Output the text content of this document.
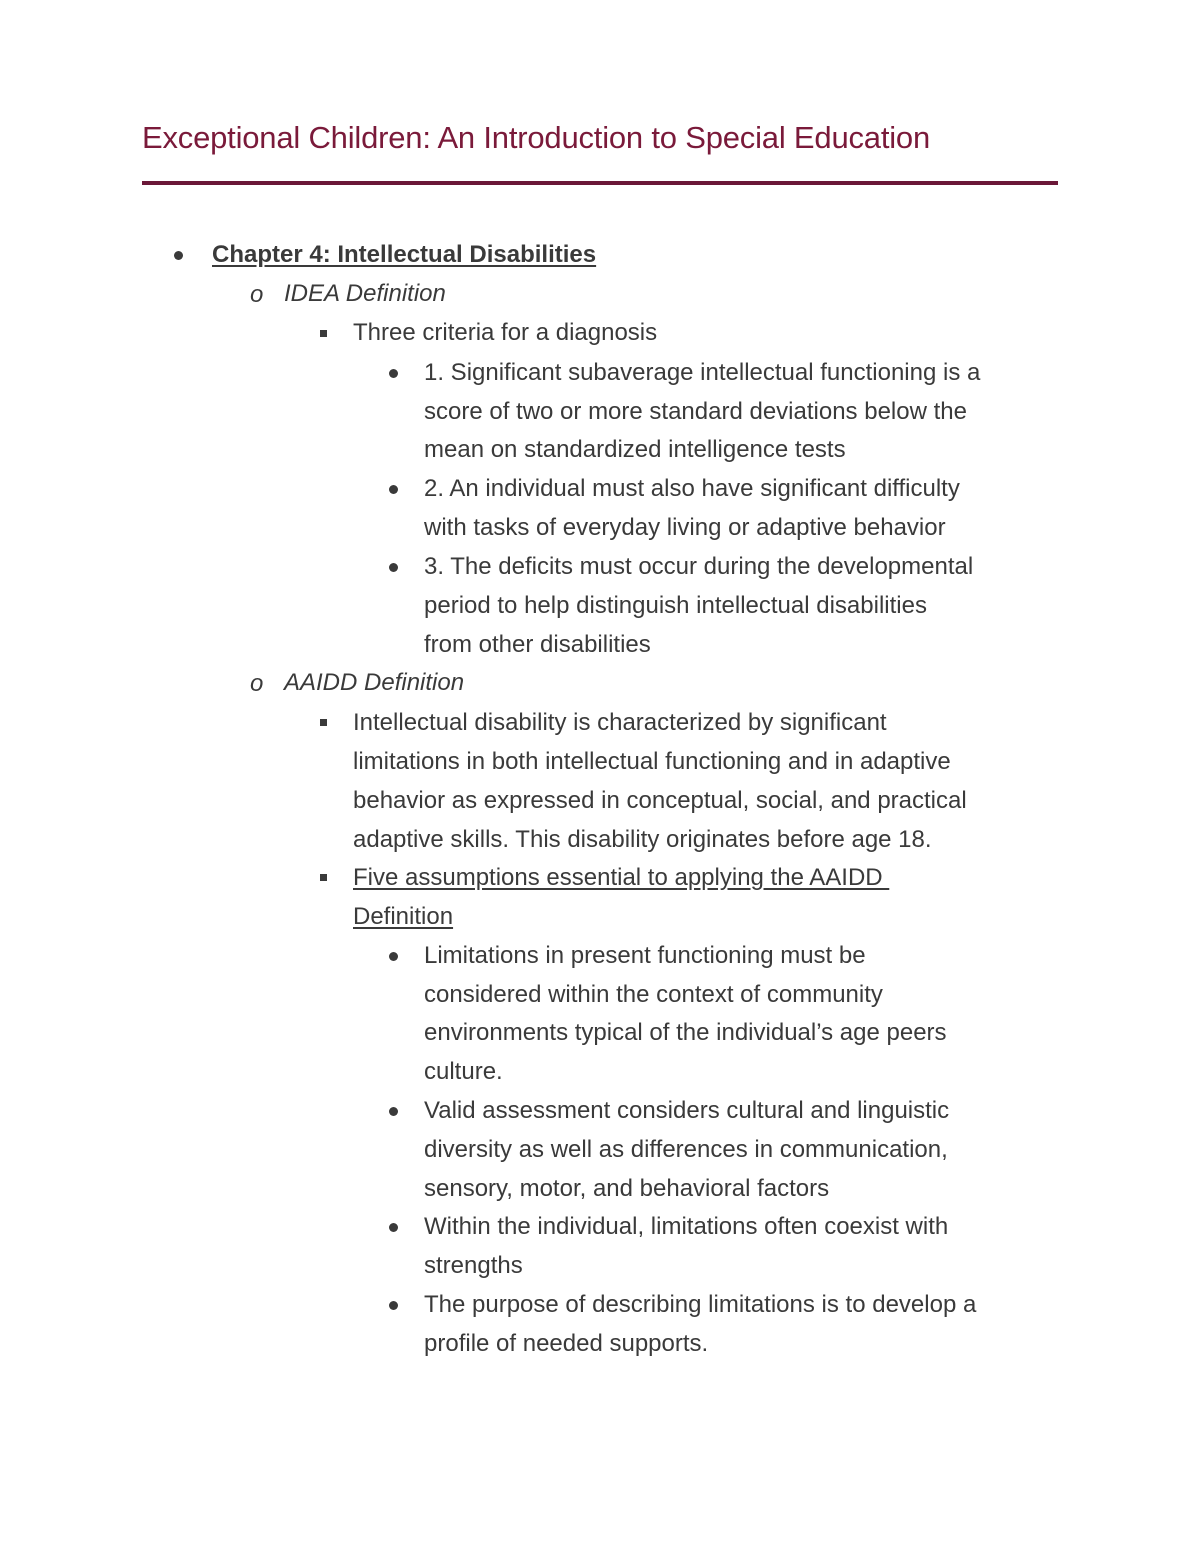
Exceptional Children: An Introduction to Special Education
Chapter 4: Intellectual Disabilities
o IDEA Definition
Three criteria for a diagnosis
1. Significant subaverage intellectual functioning is a
score of two or more standard deviations below the
mean on standardized intelligence tests
2. An individual must also have significant difficulty
with tasks of everyday living or adaptive behavior
3. The deficits must occur during the developmental
period to help distinguish intellectual disabilities
from other disabilities
o AAIDD Definition
Intellectual disability is characterized by significant
limitations in both intellectual functioning and in adaptive
behavior as expressed in conceptual, social, and practical
adaptive skills. This disability originates before age 18.
Five assumptions essential to applying the AAIDD
Definition
Limitations in present functioning must be
considered within the context of community
environments typical of the individual’s age peers
culture.
Valid assessment considers cultural and linguistic
diversity as well as differences in communication,
sensory, motor, and behavioral factors
Within the individual, limitations often coexist with
strengths
The purpose of describing limitations is to develop a
profile of needed supports.
